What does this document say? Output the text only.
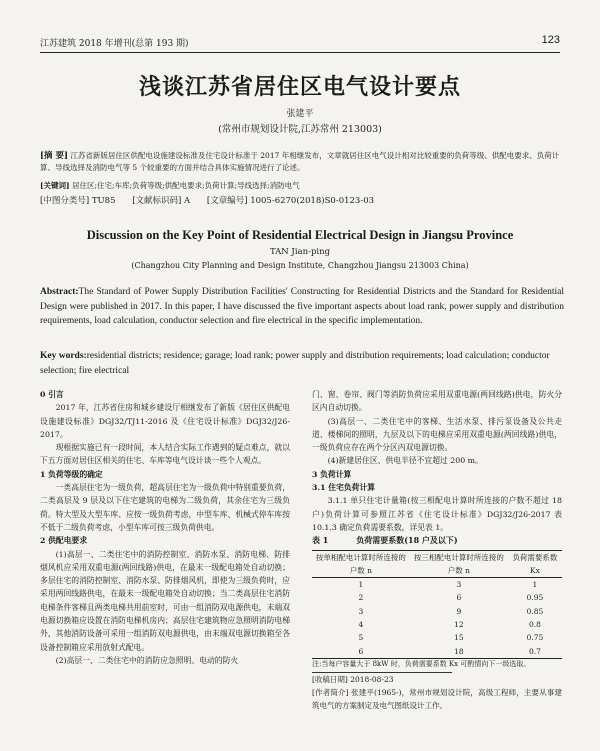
江苏建筑 2018 年增刊(总第 193 期)	123
浅谈江苏省居住区电气设计要点
张建平
(常州市规划设计院,江苏常州 213003)
[摘 要] 江苏省新版居住区供配电设施建设标准及住宅设计标准于 2017 年相继发布，文章就居住区电气设计相对比较重要的负荷等级、供配电要求、负荷计算、导线选择及消防电气等 5 个较重要的方面并结合具体实施情况进行了论述。
[关键词] 居住区;住宅;车库;负荷等级;供配电要求;负荷计算;导线选择;消防电气
[中图分类号] TU85 [文献标识码] A [文章编号] 1005-6270(2018)S0-0123-03
Discussion on the Key Point of Residential Electrical Design in Jiangsu Province
TAN Jian-ping
(Changzhou City Planning and Design Institute, Changzhou Jiangsu 213003 China)
Abstract:The Standard of Power Supply Distribution Facilities' Constructing for Residential Districts and the Standard for Residential Design were published in 2017. In this paper, I have discussed the five important aspects about load rank, power supply and distribution requirements, load calculation, conductor selection and fire electrical in the specific implementation.
Key words:residential districts; residence; garage; load rank; power supply and distribution requirements; load calculation; conductor selection; fire electrical

0 引言

2017 年，江苏省住房和城乡建设厅相继发布了新版《居住区供配电设施建设标准》DGJ32/TJ11-2016 及《住宅设计标准》DGJ32/J26-2017。

现根据实施已有一段时间，本人结合实际工作遇到的疑点难点，就以下五方面对居住区相关的住宅、车库等电气设计谈一些个人观点。

1 负荷等级的确定

一类高层住宅为一级负荷，超高层住宅为一级负荷中特别重要负荷，二类高层及 9 层及以下住宅建筑的电梯为二级负荷，其余住宅为三级负荷。特大型及大型车库、应按一级负荷考虑，中型车库、机械式停车库按不低于二级负荷考虑，小型车库可按三级负荷供电。

2 供配电要求

(1)高层一、二类住宅中的消防控制室、消防水泵、消防电梯、防排烟风机应采用双重电源(两回线路)供电，在最末一级配电箱处自动切换；多层住宅的消防控制室、消防水泵、防排烟风机，即使为三级负荷时，应采用两回线路供电，在最末一级配电箱处自动切换；当二类高层住宅消防电梯条件客梯且两类电梯共用前室时，可由一组消防双电源供电，末端双电源切换箱应设置在消防电梯机房内；高层住宅建筑物应急照明消防电梯外，其他消防设备可采用一组消防双电源供电，由末端双电源切换箱至各设备控制箱应采用放射式配电。

(2)高层一、二类住宅中的消防应急照明、电动的防火

门、窗、卷帘、阀门等消防负荷应采用双重电源(两回线路)供电，防火分区内自动切换。

(3)高层一、二类住宅中的客梯、生活水泵、排污泵设备及公共走道、楼梯间的照明，九层及以下的电梯应采用双重电源(两回线路)供电，一级负荷应存在两个分区内双电源切换。

(4)新建居住区、供电半径不宜超过 200 m。

3 负荷计算

3.1 住宅负荷计算

3.1.1 单只住宅计量箱(按三相配电计算时所连接的户数不超过 18 户)负荷计算可参照江苏省《住宅设计标准》DGJ32/J26-2017 表 10.1.3 确定负荷需要系数，详见表 1。

表 1	负荷需要系数(18 户及以下)
按单相配电计算时所连接的户数 n	按三相配电计算时所连接的户数 n	负荷需要系数 Kx

1	3	1
2	6	0.95
3	9	0.85
4	12	0.8
5	15	0.75
6	18	0.7

注:当每户容量大于 8kW 时，负荷需要系数 Kx 可酌情向下一级选取。

[收稿日期] 2018-08-23

[作者简介] 张建平(1965-)，常州市规划设计院，高级工程师，主要从事建筑电气的方案制定及电气图纸设计工作。
